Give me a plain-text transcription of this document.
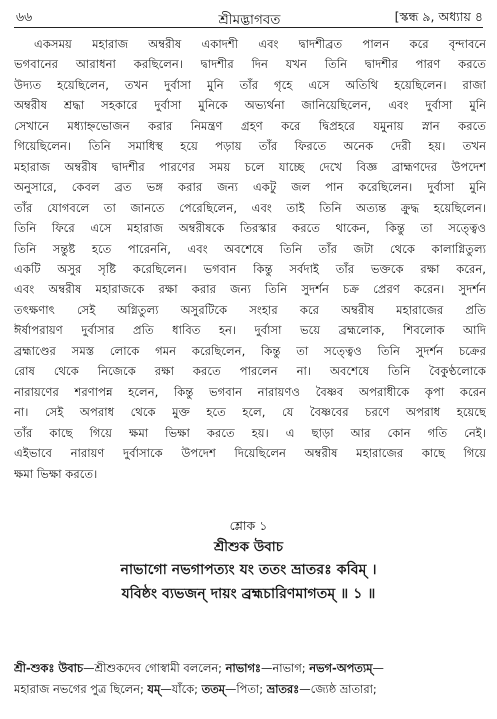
৬৬	শ্রীমদ্ভাগবত	[স্কন্ধ ৯, অধ্যায় ৪
একসময় মহারাজ অম্বরীষ একাদশী এবং দ্বাদশীব্রত পালন করে বৃন্দাবনে
ভগবানের আরাধনা করছিলেন। দ্বাদশীর দিন যখন তিনি দ্বাদশীর পারণ করতে
উদ্যত হয়েছিলেন, তখন দুর্বাসা মুনি তাঁর গৃহে এসে অতিথি হয়েছিলেন। রাজা
অম্বরীষ শ্রদ্ধা সহকারে দুর্বাসা মুনিকে অভ্যর্থনা জানিয়েছিলেন, এবং দুর্বাসা মুনি
সেখানে মধ্যাহ্নভোজন করার নিমন্ত্রণ গ্রহণ করে দ্বিপ্রহরে যমুনায় স্নান করতে
গিয়েছিলেন। তিনি সমাধিস্থ হয়ে পড়ায় তাঁর ফিরতে অনেক দেরী হয়। তখন
মহারাজ অম্বরীষ দ্বাদশীর পারণের সময় চলে যাচ্ছে দেখে বিজ্ঞ ব্রাহ্মণদের উপদেশ
অনুসারে, কেবল ব্রত ভঙ্গ করার জন্য একটু জল পান করেছিলেন। দুর্বাসা মুনি
তাঁর যোগবলে তা জানতে পেরেছিলেন, এবং তাই তিনি অত্যন্ত ক্রুদ্ধ হয়েছিলেন।
তিনি ফিরে এসে মহারাজ অম্বরীষকে তিরস্কার করতে থাকেন, কিন্তু তা সত্ত্বেও
তিনি সন্তুষ্ট হতে পারেননি, এবং অবশেষে তিনি তাঁর জটা থেকে কালাগ্নিতুল্য
একটি অসুর সৃষ্টি করেছিলেন। ভগবান কিন্তু সর্বদাই তাঁর ভক্তকে রক্ষা করেন,
এবং অম্বরীষ মহারাজকে রক্ষা করার জন্য তিনি সুদর্শন চক্র প্রেরণ করেন। সুদর্শন
তৎক্ষণাৎ সেই অগ্নিতুল্য অসুরটিকে সংহার করে অম্বরীষ মহারাজের প্রতি
ঈর্ষাপরায়ণ দুর্বাসার প্রতি ধাবিত হন। দুর্বাসা ভয়ে ব্রহ্মলোক, শিবলোক আদি
ব্রহ্মাণ্ডের সমস্ত লোকে গমন করেছিলেন, কিন্তু তা সত্ত্বেও তিনি সুদর্শন চক্রের
রোষ থেকে নিজেকে রক্ষা করতে পারলেন না। অবশেষে তিনি বৈকুণ্ঠলোকে
নারায়ণের শরণাপন্ন হলেন, কিন্তু ভগবান নারায়ণও বৈষ্ণব অপরাধীকে কৃপা করেন
না। সেই অপরাধ থেকে মুক্ত হতে হলে, যে বৈষ্ণবের চরণে অপরাধ হয়েছে
তাঁর কাছে গিয়ে ক্ষমা ভিক্ষা করতে হয়। এ ছাড়া আর কোন গতি নেই।
এইভাবে নারায়ণ দুর্বাসাকে উপদেশ দিয়েছিলেন অম্বরীষ মহারাজের কাছে গিয়ে
ক্ষমা ভিক্ষা করতে।
শ্লোক ১
শ্রীশুক উবাচ
নাভাগো নভগাপত্যং যং ততং ভ্রাতরঃ কবিম্ ।
যবিষ্ঠং ব্যভজন্ দায়ং ব্রহ্মচারিণমাগতম্ ॥ ১ ॥
শ্রী-শুকঃ উবাচ—শ্রীশুকদেব গোস্বামী বললেন; নাভাগঃ—নাভাগ; নভগ-অপত্যম্—
মহারাজ নভগের পুত্র ছিলেন; যম্—যাঁকে; ততম্—পিতা; ভ্রাতরঃ—জ্যেষ্ঠ ভ্রাতারা;
